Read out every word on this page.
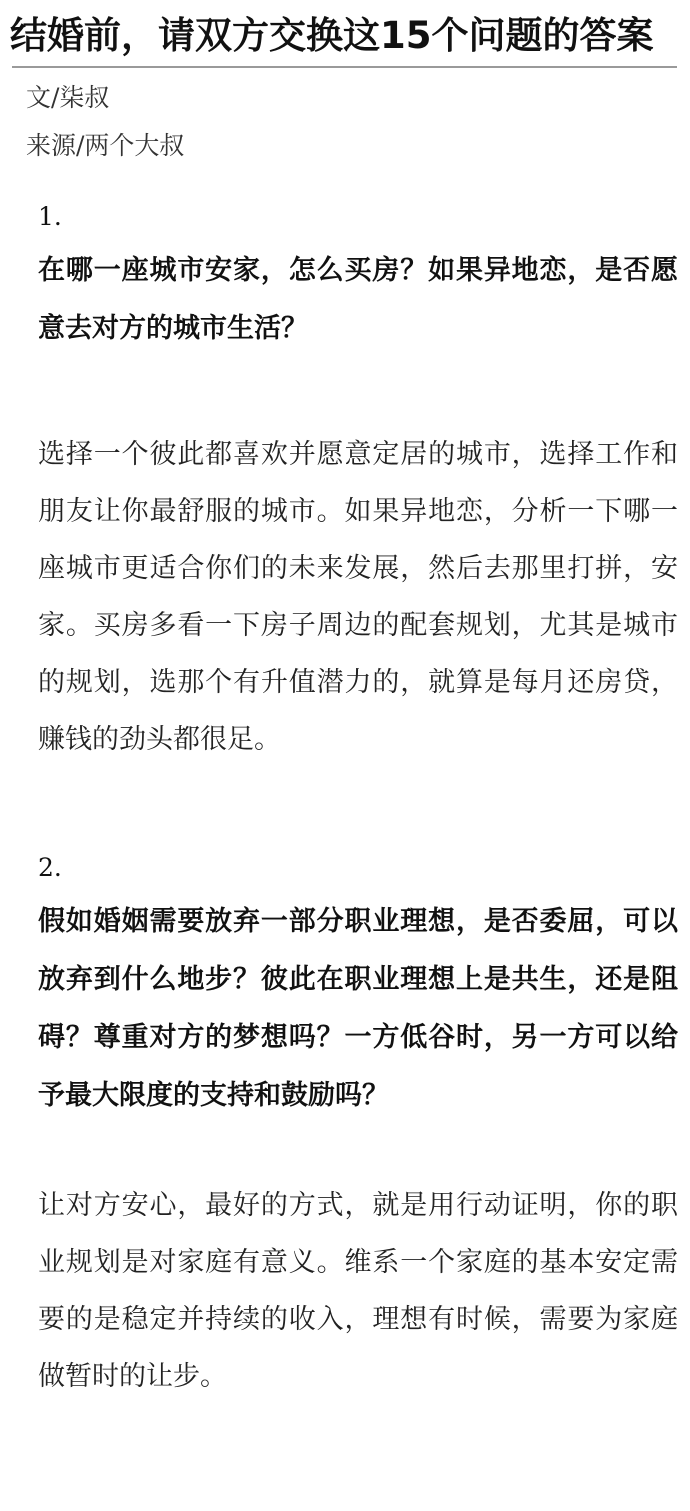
结婚前，请双方交换这15个问题的答案
文/柒叔
来源/两个大叔

1.

在哪一座城市安家，怎么买房？如果异地恋，是否愿意去对方的城市生活？

选择一个彼此都喜欢并愿意定居的城市，选择工作和朋友让你最舒服的城市。如果异地恋，分析一下哪一座城市更适合你们的未来发展，然后去那里打拼，安家。买房多看一下房子周边的配套规划，尤其是城市的规划，选那个有升值潜力的，就算是每月还房贷，赚钱的劲头都很足。

2.

假如婚姻需要放弃一部分职业理想，是否委屈，可以放弃到什么地步？彼此在职业理想上是共生，还是阻碍？尊重对方的梦想吗？一方低谷时，另一方可以给予最大限度的支持和鼓励吗？

让对方安心，最好的方式，就是用行动证明，你的职业规划是对家庭有意义。维系一个家庭的基本安定需要的是稳定并持续的收入，理想有时候，需要为家庭做暂时的让步。
